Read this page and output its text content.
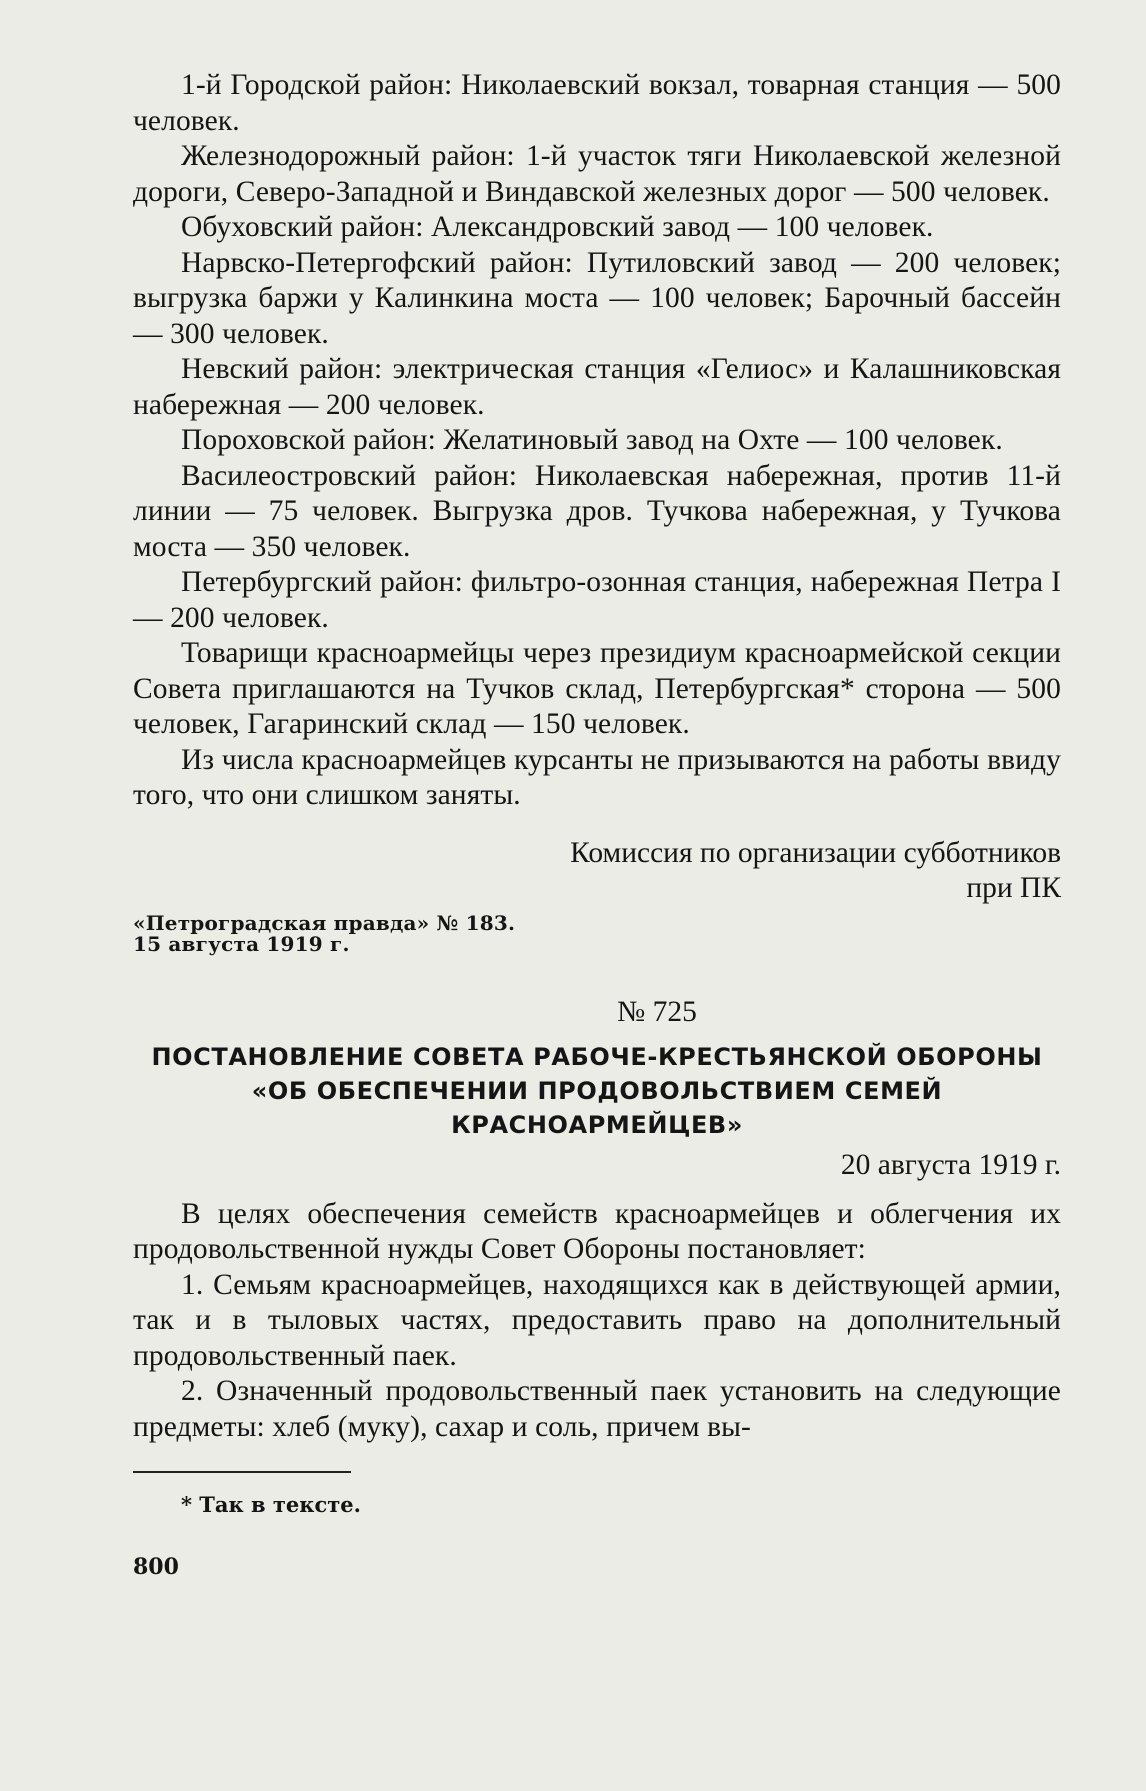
1-й Городской район: Николаевский вокзал, товарная станция — 500 человек.

Железнодорожный район: 1-й участок тяги Николаевской железной дороги, Северо-Западной и Виндавской железных дорог — 500 человек.

Обуховский район: Александровский завод — 100 человек.

Нарвско-Петергофский район: Путиловский завод — 200 человек; выгрузка баржи у Калинкина моста — 100 человек; Барочный бассейн — 300 человек.

Невский район: электрическая станция «Гелиос» и Калашниковская набережная — 200 человек.

Пороховской район: Желатиновый завод на Охте — 100 человек.

Василеостровский район: Николаевская набережная, против 11-й линии — 75 человек. Выгрузка дров. Тучкова набережная, у Тучкова моста — 350 человек.

Петербургский район: фильтро-озонная станция, набережная Петра I — 200 человек.

Товарищи красноармейцы через президиум красноармейской секции Совета приглашаются на Тучков склад, Петербургская* сторона — 500 человек, Гагаринский склад — 150 человек.

Из числа красноармейцев курсанты не призываются на работы ввиду того, что они слишком заняты.

Комиссия по организации субботников
при ПК
«Петроградская правда» № 183.
15 августа 1919 г.
№ 725
ПОСТАНОВЛЕНИЕ СОВЕТА РАБОЧЕ-КРЕСТЬЯНСКОЙ ОБОРОНЫ
«ОБ ОБЕСПЕЧЕНИИ ПРОДОВОЛЬСТВИЕМ СЕМЕЙ
КРАСНОАРМЕЙЦЕВ»
20 августа 1919 г.

В целях обеспечения семейств красноармейцев и облегчения их продовольственной нужды Совет Обороны постановляет:

1. Семьям красноармейцев, находящихся как в действующей армии, так и в тыловых частях, предоставить право на дополнительный продовольственный паек.

2. Означенный продовольственный паек установить на следующие предметы: хлеб (муку), сахар и соль, причем вы-

* Так в тексте.
800
